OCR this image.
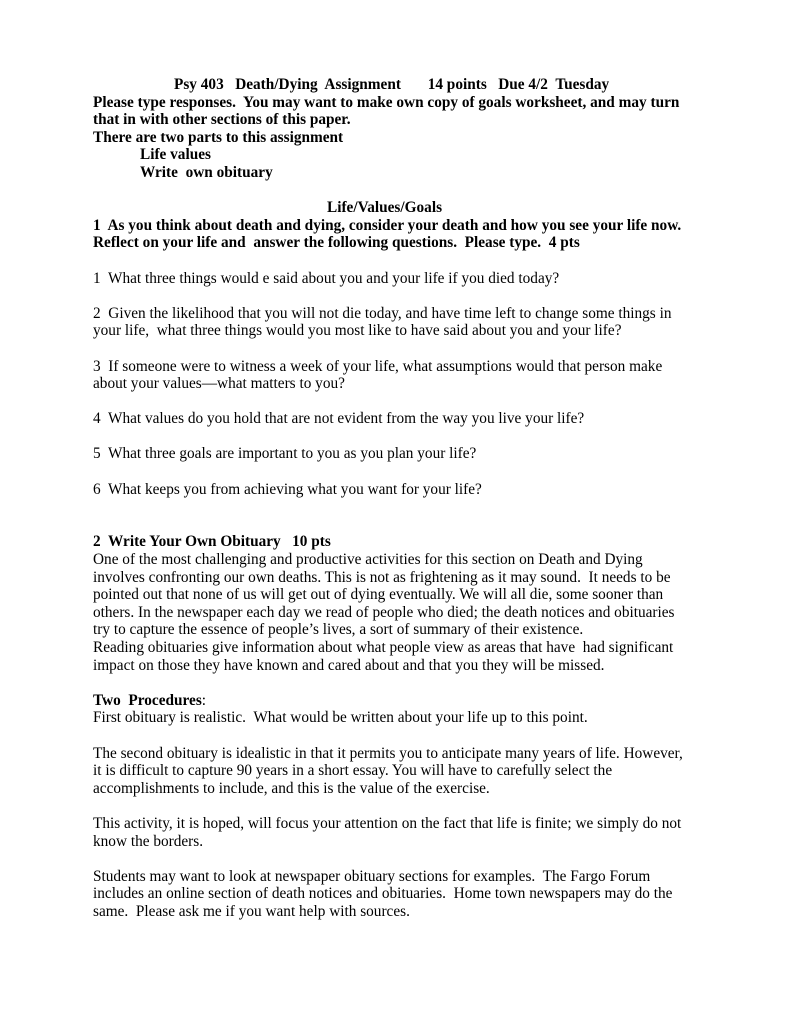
Psy 403   Death/Dying  Assignment       14 points   Due 4/2  Tuesday
Please type responses.  You may want to make own copy of goals worksheet, and may turn
that in with other sections of this paper.
There are two parts to this assignment
Life values
Write  own obituary
Life/Values/Goals
1  As you think about death and dying, consider your death and how you see your life now.
Reflect on your life and  answer the following questions.  Please type.  4 pts
1  What three things would e said about you and your life if you died today?
2  Given the likelihood that you will not die today, and have time left to change some things in
your life,  what three things would you most like to have said about you and your life?
3  If someone were to witness a week of your life, what assumptions would that person make
about your values—what matters to you?
4  What values do you hold that are not evident from the way you live your life?
5  What three goals are important to you as you plan your life?
6  What keeps you from achieving what you want for your life?
2  Write Your Own Obituary   10 pts
One of the most challenging and productive activities for this section on Death and Dying
involves confronting our own deaths. This is not as frightening as it may sound.  It needs to be
pointed out that none of us will get out of dying eventually. We will all die, some sooner than
others. In the newspaper each day we read of people who died; the death notices and obituaries
try to capture the essence of people’s lives, a sort of summary of their existence.
Reading obituaries give information about what people view as areas that have  had significant
impact on those they have known and cared about and that you they will be missed.
Two  Procedures:
First obituary is realistic.  What would be written about your life up to this point.
The second obituary is idealistic in that it permits you to anticipate many years of life. However,
it is difficult to capture 90 years in a short essay. You will have to carefully select the
accomplishments to include, and this is the value of the exercise.
This activity, it is hoped, will focus your attention on the fact that life is finite; we simply do not
know the borders.
Students may want to look at newspaper obituary sections for examples.  The Fargo Forum
includes an online section of death notices and obituaries.  Home town newspapers may do the
same.  Please ask me if you want help with sources.
